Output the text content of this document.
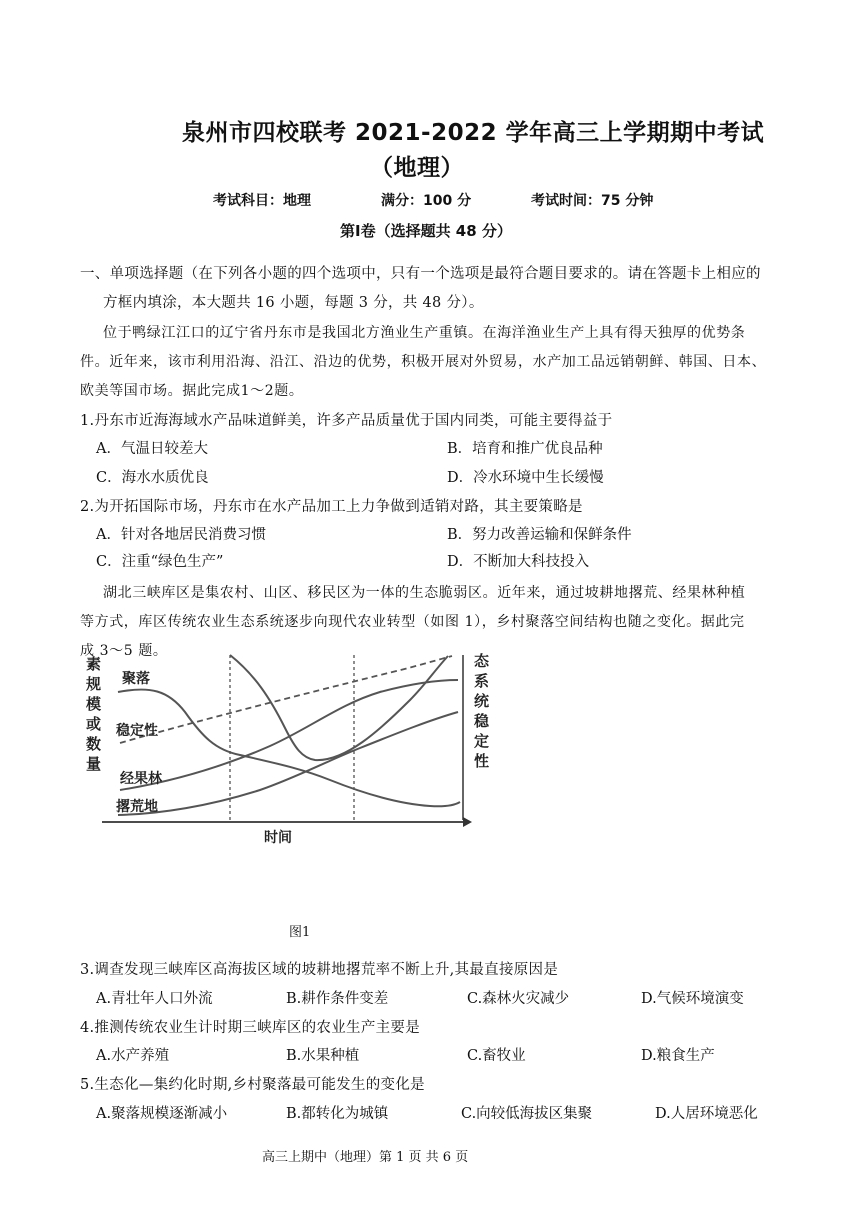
泉州市四校联考 2021-2022 学年高三上学期期中考试
（地理）
考试科目：地理	满分：100 分	考试时间：75 分钟
第Ⅰ卷（选择题共 48 分）
一、单项选择题（在下列各小题的四个选项中，只有一个选项是最符合题目要求的。请在答题卡上相应的
方框内填涂，本大题共 16 小题，每题 3 分，共 48 分）。
位于鸭绿江江口的辽宁省丹东市是我国北方渔业生产重镇。在海洋渔业生产上具有得天独厚的优势条
件。近年来，该市利用沿海、沿江、沿边的优势，积极开展对外贸易，水产加工品远销朝鲜、韩国、日本、
欧美等国市场。据此完成1～2题。
1.丹东市近海海域水产品味道鲜美，许多产品质量优于国内同类，可能主要得益于
A．气温日较差大	B．培育和推广优良品种
C．海水水质优良	D．冷水环境中生长缓慢
2.为开拓国际市场，丹东市在水产品加工上力争做到适销对路，其主要策略是
A．针对各地居民消费习惯	B．努力改善运输和保鲜条件
C．注重“绿色生产”	D．不断加大科技投入
湖北三峡库区是集农村、山区、移民区为一体的生态脆弱区。近年来，通过坡耕地撂荒、经果林种植
等方式，库区传统农业生态系统逐步向现代农业转型（如图 1），乡村聚落空间结构也随之变化。据此完
成 3～5 题。
素规模 或数量
态系统 稳定性
时间
聚落
稳定性
经果林
撂荒地
图1
3.调查发现三峡库区高海拔区域的坡耕地撂荒率不断上升,其最直接原因是
A.青壮年人口外流	B.耕作条件变差	C.森林火灾减少	D.气候环境演变
4.推测传统农业生计时期三峡库区的农业生产主要是
A.水产养殖	B.水果种植	C.畜牧业	D.粮食生产
5.生态化—集约化时期,乡村聚落最可能发生的变化是
A.聚落规模逐渐减小	B.都转化为城镇	C.向较低海拔区集聚	D.人居环境恶化
高三上期中（地理）第 1 页 共 6 页
